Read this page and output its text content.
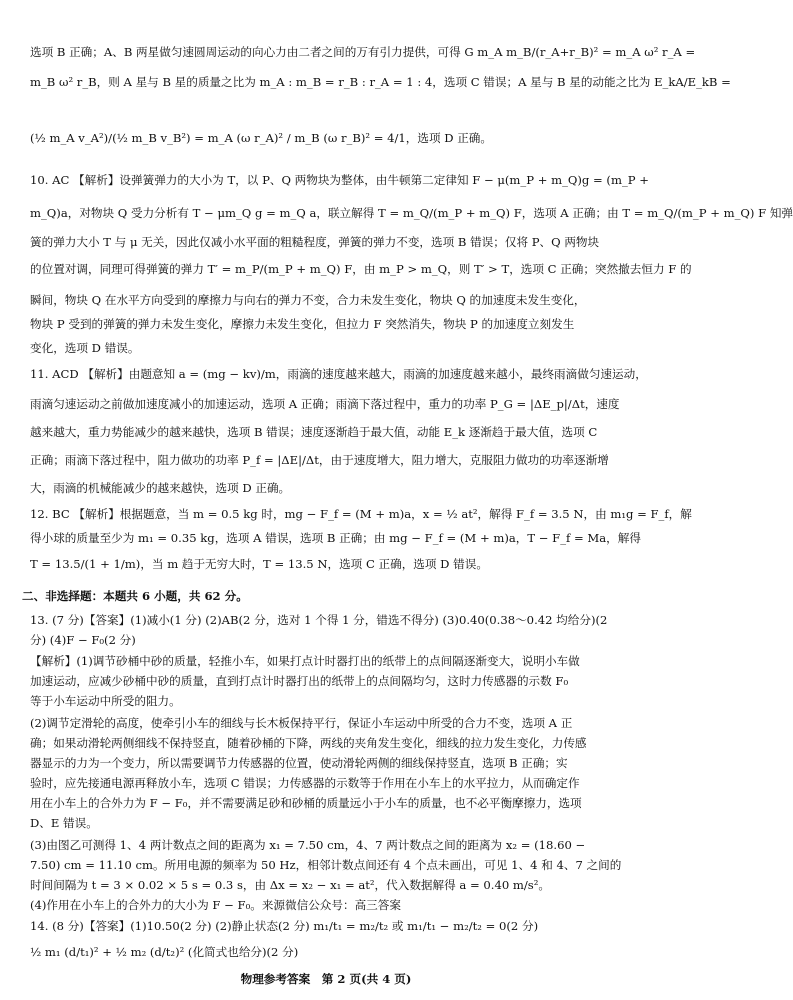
选项 B 正确；A、B 两星做匀速圆周运动的向心力由二者之间的万有引力提供，可得 G m_A m_B/(r_A+r_B)² = m_A ω² r_A =
m_B ω² r_B，则 A 星与 B 星的质量之比为 m_A : m_B = r_B : r_A = 1 : 4，选项 C 错误；A 星与 B 星的动能之比为 E_kA/E_kB =
(½ m_A v_A²)/(½ m_B v_B²) = m_A (ω r_A)² / m_B (ω r_B)² = 4/1，选项 D 正确。
10. AC 【解析】设弹簧弹力的大小为 T，以 P、Q 两物块为整体，由牛顿第二定律知 F − μ(m_P + m_Q)g = (m_P +
m_Q)a，对物块 Q 受力分析有 T − μm_Q g = m_Q a，联立解得 T = m_Q/(m_P + m_Q) F，选项 A 正确；由 T = m_Q/(m_P + m_Q) F 知弹
簧的弹力大小 T 与 μ 无关，因此仅减小水平面的粗糙程度，弹簧的弹力不变，选项 B 错误；仅将 P、Q 两物块
的位置对调，同理可得弹簧的弹力 T′ = m_P/(m_P + m_Q) F，由 m_P > m_Q，则 T′ > T，选项 C 正确；突然撤去恒力 F 的
瞬间，物块 Q 在水平方向受到的摩擦力与向右的弹力不变，合力未发生变化，物块 Q 的加速度未发生变化，
物块 P 受到的弹簧的弹力未发生变化，摩擦力未发生变化，但拉力 F 突然消失，物块 P 的加速度立刻发生
变化，选项 D 错误。
11. ACD 【解析】由题意知 a = (mg − kv)/m，雨滴的速度越来越大，雨滴的加速度越来越小，最终雨滴做匀速运动，
雨滴匀速运动之前做加速度减小的加速运动，选项 A 正确；雨滴下落过程中，重力的功率 P_G = |ΔE_p|/Δt，速度
越来越大，重力势能减少的越来越快，选项 B 错误；速度逐渐趋于最大值，动能 E_k 逐渐趋于最大值，选项 C
正确；雨滴下落过程中，阻力做功的功率 P_f = |ΔE|/Δt，由于速度增大，阻力增大，克服阻力做功的功率逐渐增
大，雨滴的机械能减少的越来越快，选项 D 正确。
12. BC 【解析】根据题意，当 m = 0.5 kg 时，mg − F_f = (M + m)a，x = ½ at²，解得 F_f = 3.5 N，由 m₁g = F_f，解
得小球的质量至少为 m₁ = 0.35 kg，选项 A 错误，选项 B 正确；由 mg − F_f = (M + m)a，T − F_f = Ma，解得
T = 13.5/(1 + 1/m)，当 m 趋于无穷大时，T = 13.5 N，选项 C 正确，选项 D 错误。
二、非选择题：本题共 6 小题，共 62 分。
13. (7 分)【答案】(1)减小(1 分) (2)AB(2 分，选对 1 个得 1 分，错选不得分) (3)0.40(0.38～0.42 均给分)(2
分) (4)F − F₀(2 分)
【解析】(1)调节砂桶中砂的质量，轻推小车，如果打点计时器打出的纸带上的点间隔逐渐变大，说明小车做
加速运动，应减少砂桶中砂的质量，直到打点计时器打出的纸带上的点间隔均匀，这时力传感器的示数 F₀
等于小车运动中所受的阻力。
(2)调节定滑轮的高度，使牵引小车的细线与长木板保持平行，保证小车运动中所受的合力不变，选项 A 正
确；如果动滑轮两侧细线不保持竖直，随着砂桶的下降，两线的夹角发生变化，细线的拉力发生变化，力传感
器显示的力为一个变力，所以需要调节力传感器的位置，使动滑轮两侧的细线保持竖直，选项 B 正确；实
验时，应先接通电源再释放小车，选项 C 错误；力传感器的示数等于作用在小车上的水平拉力，从而确定作
用在小车上的合外力为 F − F₀，并不需要满足砂和砂桶的质量远小于小车的质量，也不必平衡摩擦力，选项
D、E 错误。
(3)由图乙可测得 1、4 两计数点之间的距离为 x₁ = 7.50 cm，4、7 两计数点之间的距离为 x₂ = (18.60 −
7.50) cm = 11.10 cm。所用电源的频率为 50 Hz，相邻计数点间还有 4 个点未画出，可见 1、4 和 4、7 之间的
时间间隔为 t = 3 × 0.02 × 5 s = 0.3 s，由 Δx = x₂ − x₁ = at²，代入数据解得 a = 0.40 m/s²。
(4)作用在小车上的合外力的大小为 F − F₀。来源微信公众号：高三答案
14. (8 分)【答案】(1)10.50(2 分) (2)静止状态(2 分) m₁/t₁ = m₂/t₂ 或 m₁/t₁ − m₂/t₂ = 0(2 分)
½ m₁ (d/t₁)² + ½ m₂ (d/t₂)² (化简式也给分)(2 分)
物理参考答案　第 2 页(共 4 页)
